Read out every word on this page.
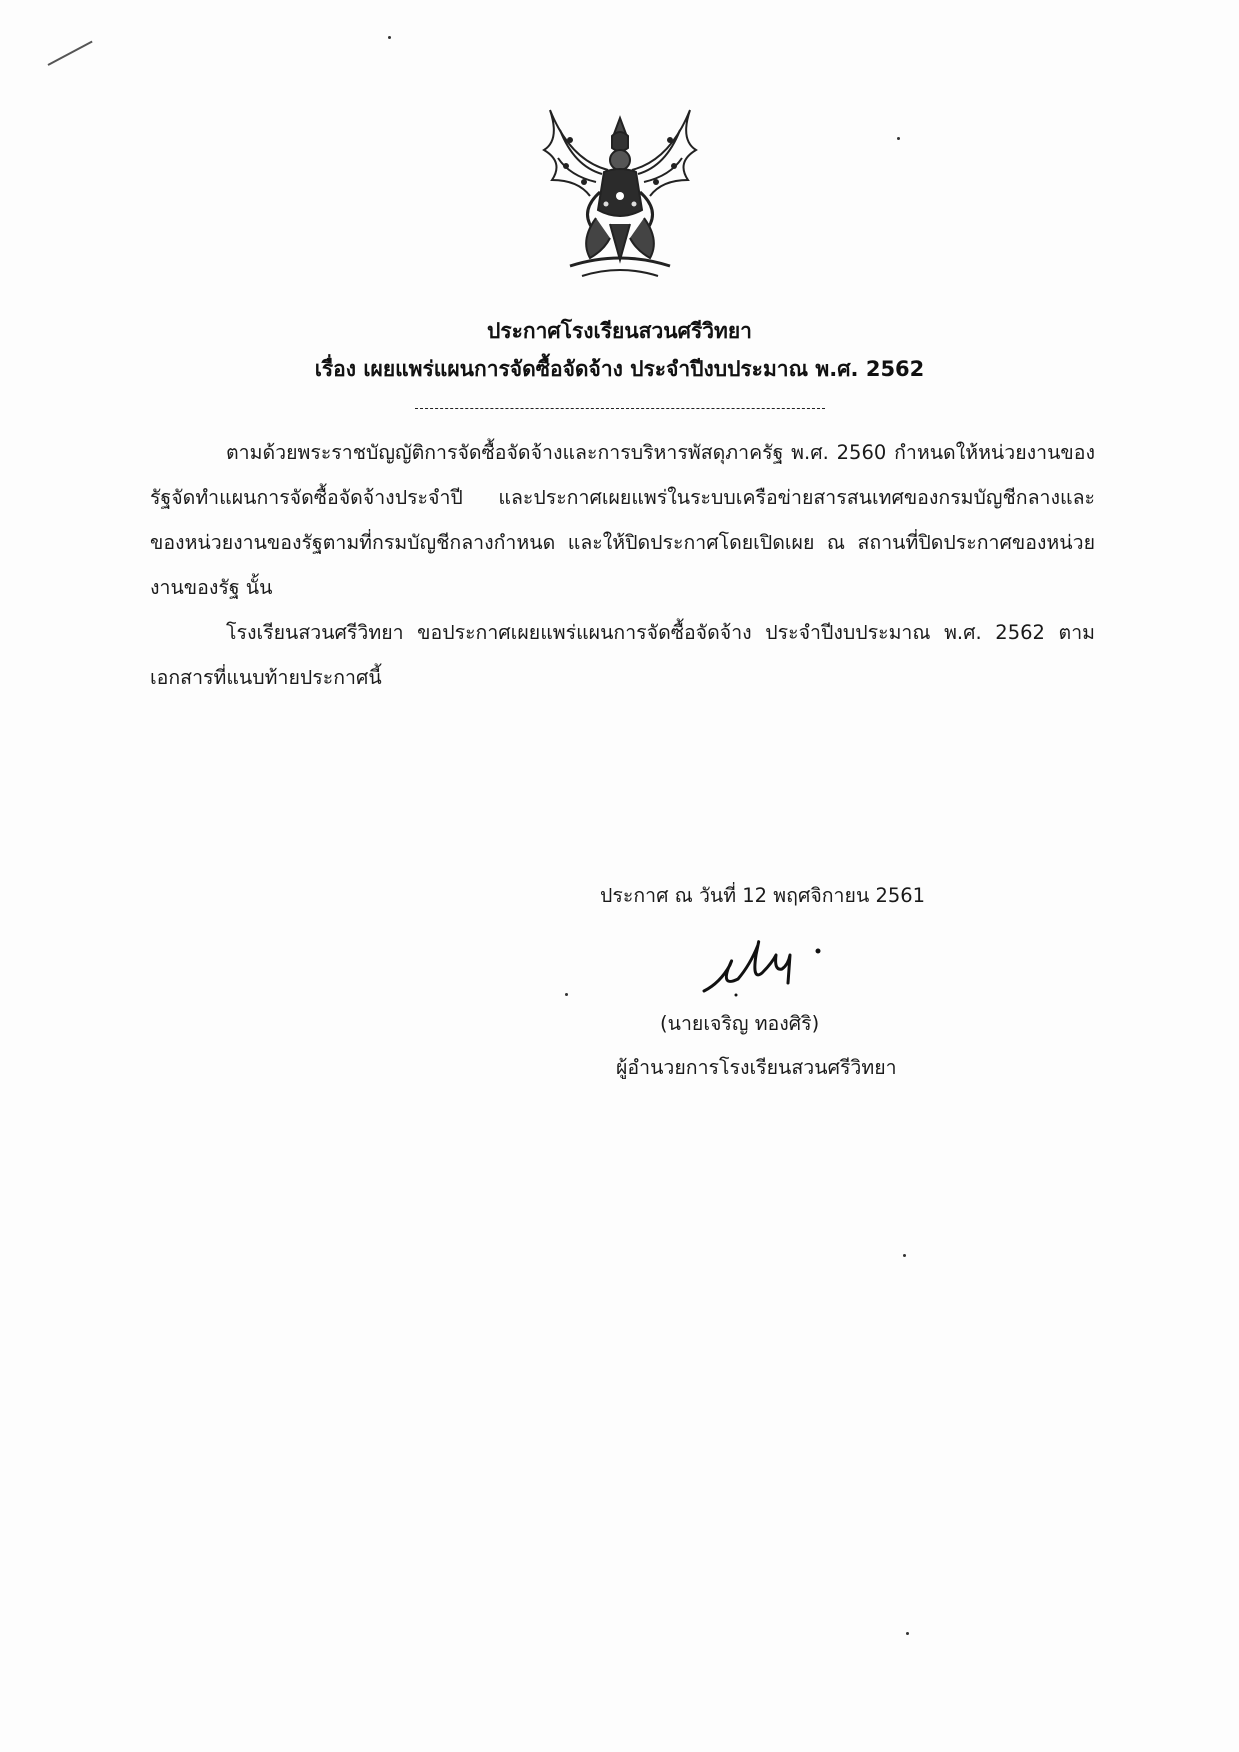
ประกาศโรงเรียนสวนศรีวิทยา
เรื่อง เผยแพร่แผนการจัดซื้อจัดจ้าง ประจำปีงบประมาณ พ.ศ. 2562
ตามด้วยพระราชบัญญัติการจัดซื้อจัดจ้างและการบริหารพัสดุภาครัฐ พ.ศ. 2560 กำหนดให้หน่วยงานของรัฐจัดทำแผนการจัดซื้อจัดจ้างประจำปี และประกาศเผยแพร่ในระบบเครือข่ายสารสนเทศของกรมบัญชีกลางและของหน่วยงานของรัฐตามที่กรมบัญชีกลางกำหนด และให้ปิดประกาศโดยเปิดเผย ณ สถานที่ปิดประกาศของหน่วยงานของรัฐ นั้น
โรงเรียนสวนศรีวิทยา ขอประกาศเผยแพร่แผนการจัดซื้อจัดจ้าง ประจำปีงบประมาณ พ.ศ. 2562 ตามเอกสารที่แนบท้ายประกาศนี้
ประกาศ ณ วันที่ 12 พฤศจิกายน 2561
(นายเจริญ ทองศิริ)
ผู้อำนวยการโรงเรียนสวนศรีวิทยา
